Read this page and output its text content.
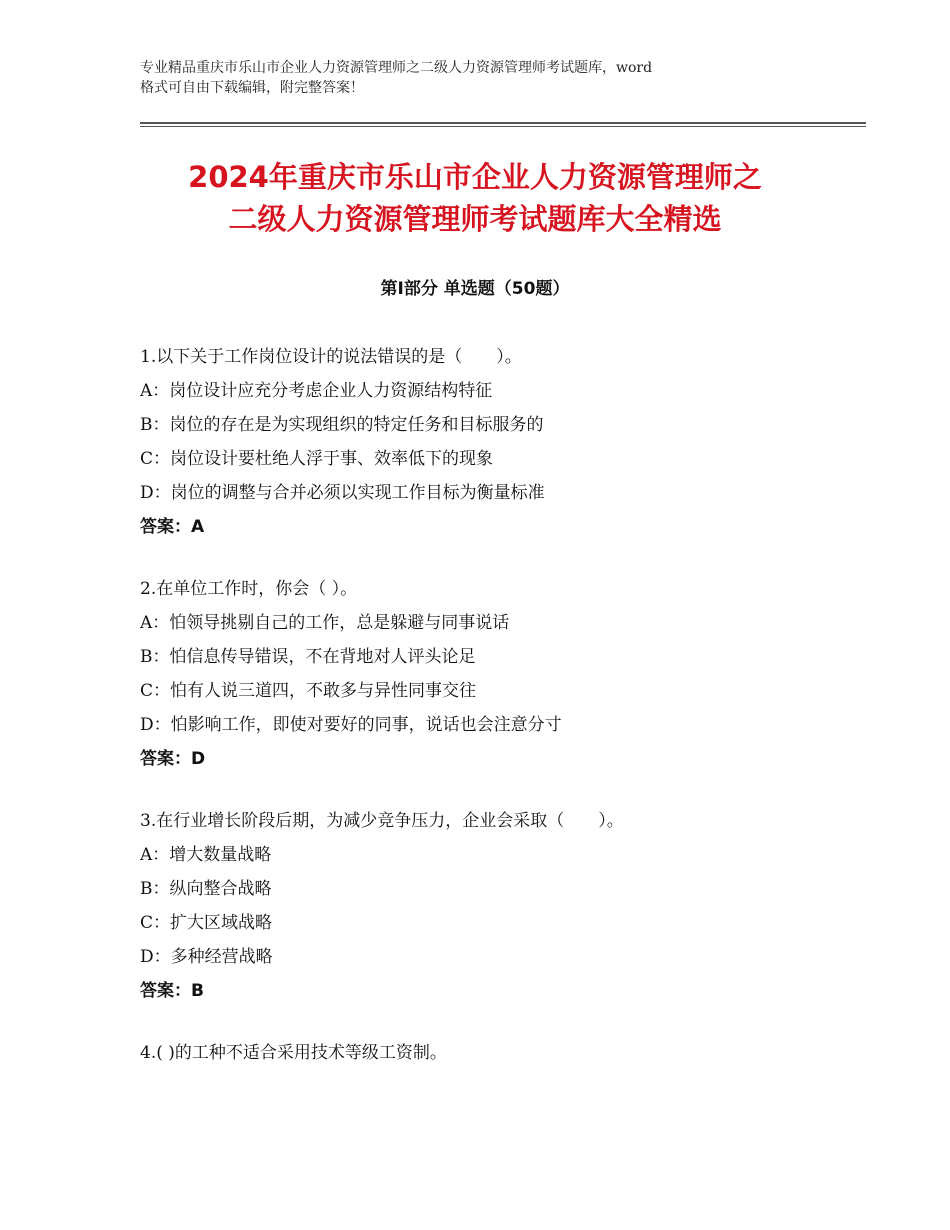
专业精品重庆市乐山市企业人力资源管理师之二级人力资源管理师考试题库，word

格式可自由下载编辑，附完整答案！

2024年重庆市乐山市企业人力资源管理师之
二级人力资源管理师考试题库大全精选
第Ⅰ部分 单选题（50题）
1.以下关于工作岗位设计的说法错误的是（　　）。
A：岗位设计应充分考虑企业人力资源结构特征
B：岗位的存在是为实现组织的特定任务和目标服务的
C：岗位设计要杜绝人浮于事、效率低下的现象
D：岗位的调整与合并必须以实现工作目标为衡量标准
答案：A
2.在单位工作时，你会（ ）。
A：怕领导挑剔自己的工作，总是躲避与同事说话
B：怕信息传导错误，不在背地对人评头论足
C：怕有人说三道四，不敢多与异性同事交往
D：怕影响工作，即使对要好的同事，说话也会注意分寸
答案：D
3.在行业增长阶段后期，为减少竞争压力，企业会采取（　　）。
A：增大数量战略
B：纵向整合战略
C：扩大区域战略
D：多种经营战略
答案：B
4.( )的工种不适合采用技术等级工资制。
